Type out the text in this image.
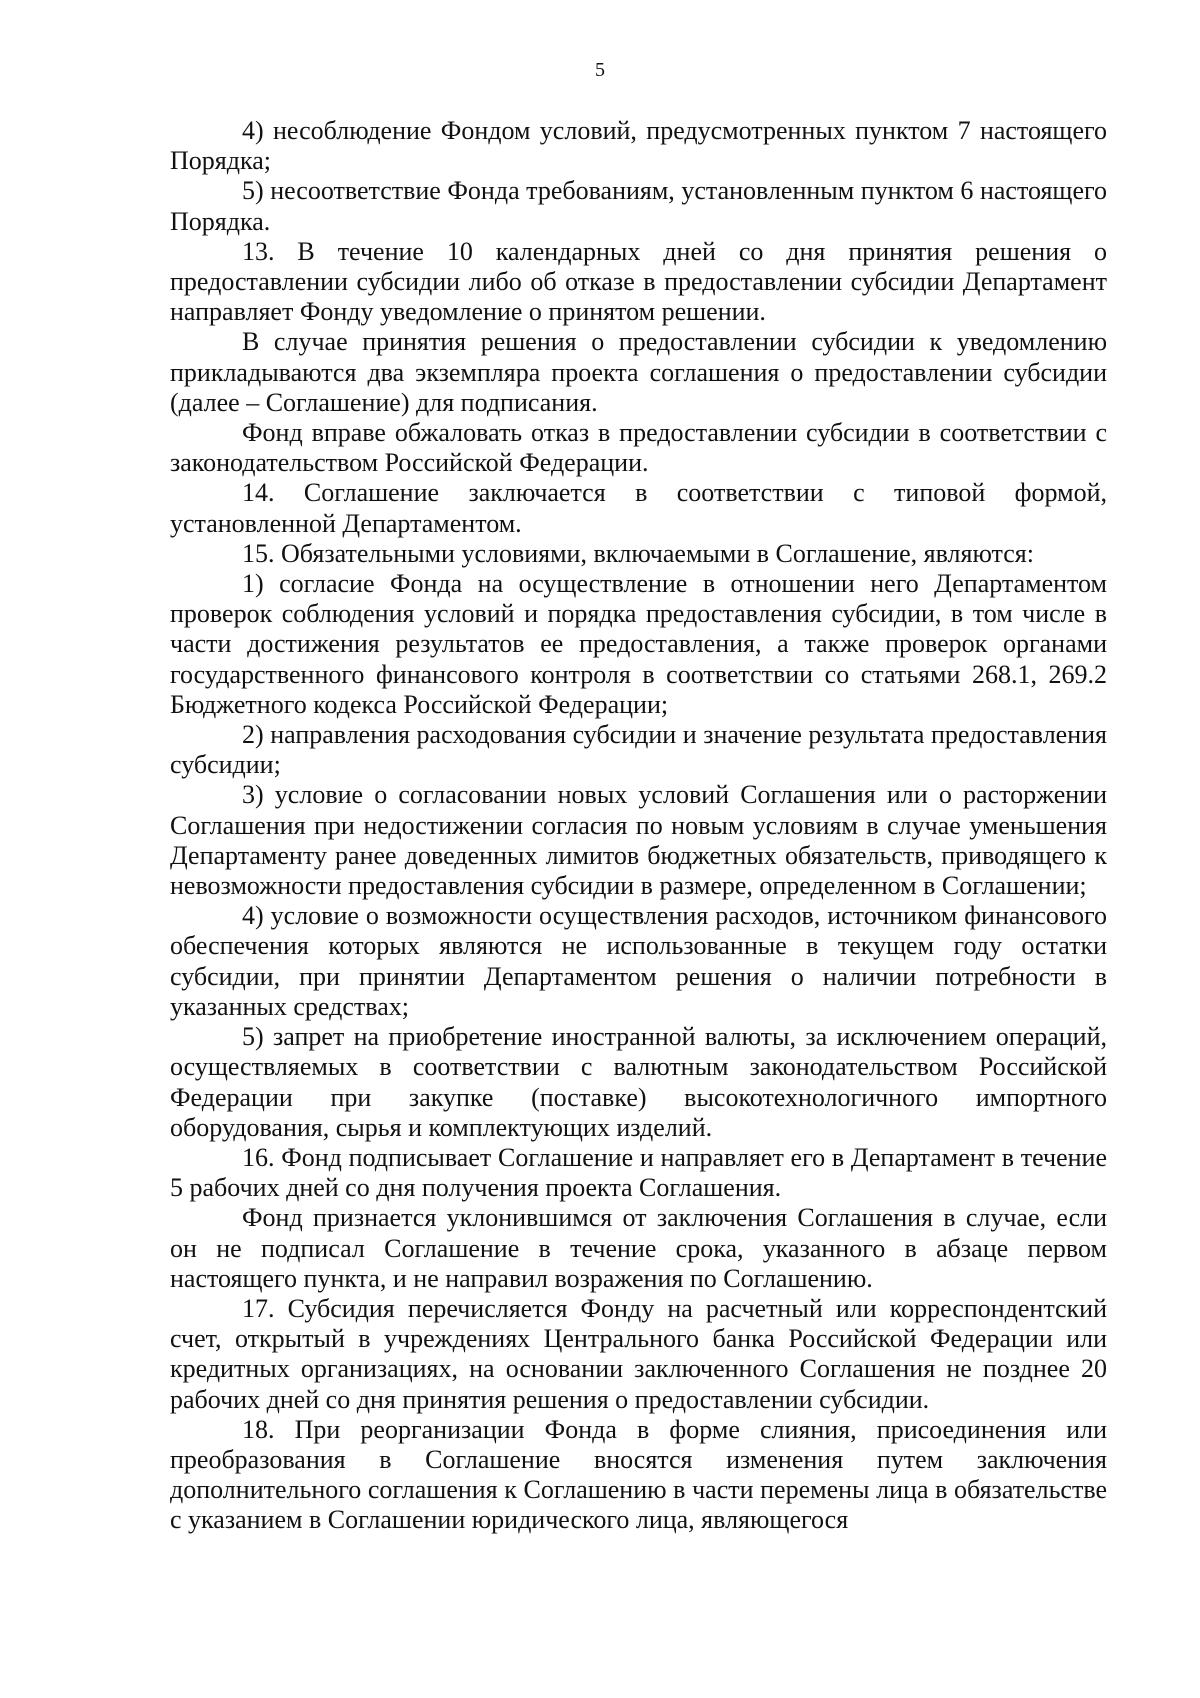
5

4) несоблюдение Фондом условий, предусмотренных пунктом 7 настоящего Порядка;

5) несоответствие Фонда требованиям, установленным пунктом 6 настоящего Порядка.

13. В течение 10 календарных дней со дня принятия решения о предоставлении субсидии либо об отказе в предоставлении субсидии Департамент направляет Фонду уведомление о принятом решении.

В случае принятия решения о предоставлении субсидии к уведомлению прикладываются два экземпляра проекта соглашения о предоставлении субсидии (далее – Соглашение) для подписания.

Фонд вправе обжаловать отказ в предоставлении субсидии в соответствии с законодательством Российской Федерации.

14. Соглашение заключается в соответствии с типовой формой, установленной Департаментом.

15. Обязательными условиями, включаемыми в Соглашение, являются:

1) согласие Фонда на осуществление в отношении него Департаментом проверок соблюдения условий и порядка предоставления субсидии, в том числе в части достижения результатов ее предоставления, а также проверок органами государственного финансового контроля в соответствии со статьями 268.1, 269.2 Бюджетного кодекса Российской Федерации;

2) направления расходования субсидии и значение результата предоставления субсидии;

3) условие о согласовании новых условий Соглашения или о расторжении Соглашения при недостижении согласия по новым условиям в случае уменьшения Департаменту ранее доведенных лимитов бюджетных обязательств, приводящего к невозможности предоставления субсидии в размере, определенном в Соглашении;

4) условие о возможности осуществления расходов, источником финансового обеспечения которых являются не использованные в текущем году остатки субсидии, при принятии Департаментом решения о наличии потребности в указанных средствах;

5) запрет на приобретение иностранной валюты, за исключением операций, осуществляемых в соответствии с валютным законодательством Российской Федерации при закупке (поставке) высокотехнологичного импортного оборудования, сырья и комплектующих изделий.

16. Фонд подписывает Соглашение и направляет его в Департамент в течение 5 рабочих дней со дня получения проекта Соглашения.

Фонд признается уклонившимся от заключения Соглашения в случае, если он не подписал Соглашение в течение срока, указанного в абзаце первом настоящего пункта, и не направил возражения по Соглашению.

17. Субсидия перечисляется Фонду на расчетный или корреспондентский счет, открытый в учреждениях Центрального банка Российской Федерации или кредитных организациях, на основании заключенного Соглашения не позднее 20 рабочих дней со дня принятия решения о предоставлении субсидии.

18. При реорганизации Фонда в форме слияния, присоединения или преобразования в Соглашение вносятся изменения путем заключения дополнительного соглашения к Соглашению в части перемены лица в обязательстве с указанием в Соглашении юридического лица, являющегося
